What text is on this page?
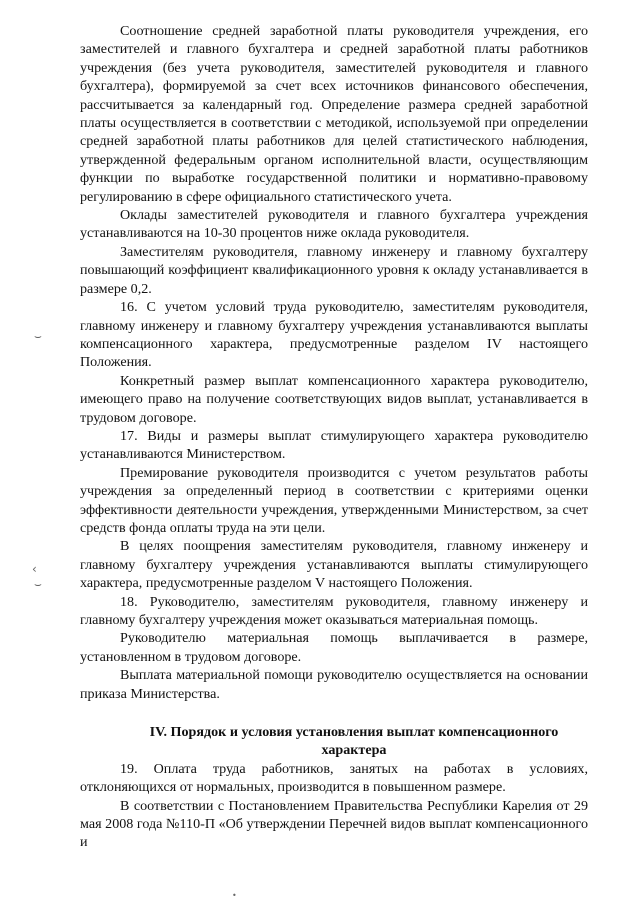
⌣
‹
⌣
•

Соотношение средней заработной платы руководителя учреждения, его заместителей и главного бухгалтера и средней заработной платы работников учреждения (без учета руководителя, заместителей руководителя и главного бухгалтера), формируемой за счет всех источников финансового обеспечения, рассчитывается за календарный год. Определение размера средней заработной платы осуществляется в соответствии с методикой, используемой при определении средней заработной платы работников для целей статистического наблюдения, утвержденной федеральным органом исполнительной власти, осуществляющим функции по выработке государственной политики и нормативно-правовому регулированию в сфере официального статистического учета.

Оклады заместителей руководителя и главного бухгалтера учреждения устанавливаются на 10-30 процентов ниже оклада руководителя.

Заместителям руководителя, главному инженеру и главному бухгалтеру повышающий коэффициент квалификационного уровня к окладу устанавливается в размере 0,2.

16. С учетом условий труда руководителю, заместителям руководителя, главному инженеру и главному бухгалтеру учреждения устанавливаются выплаты компенсационного характера, предусмотренные разделом IV настоящего Положения.

Конкретный размер выплат компенсационного характера руководителю, имеющего право на получение соответствующих видов выплат, устанавливается в трудовом договоре.

17. Виды и размеры выплат стимулирующего характера руководителю устанавливаются Министерством.

Премирование руководителя производится с учетом результатов работы учреждения за определенный период в соответствии с критериями оценки эффективности деятельности учреждения, утвержденными Министерством, за счет средств фонда оплаты труда на эти цели.

В целях поощрения заместителям руководителя, главному инженеру и главному бухгалтеру учреждения устанавливаются выплаты стимулирующего характера, предусмотренные разделом V настоящего Положения.

18. Руководителю, заместителям руководителя, главному инженеру и главному бухгалтеру учреждения может оказываться материальная помощь.

Руководителю материальная помощь выплачивается в размере, установленном в трудовом договоре.

Выплата материальной помощи руководителю осуществляется на основании приказа Министерства.

IV. Порядок и условия установления выплат компенсационного характера

19. Оплата труда работников, занятых на работах в условиях, отклоняющихся от нормальных, производится в повышенном размере.

В соответствии с Постановлением Правительства Республики Карелия от 29 мая 2008 года №110-П «Об утверждении Перечней видов выплат компенсационного и
